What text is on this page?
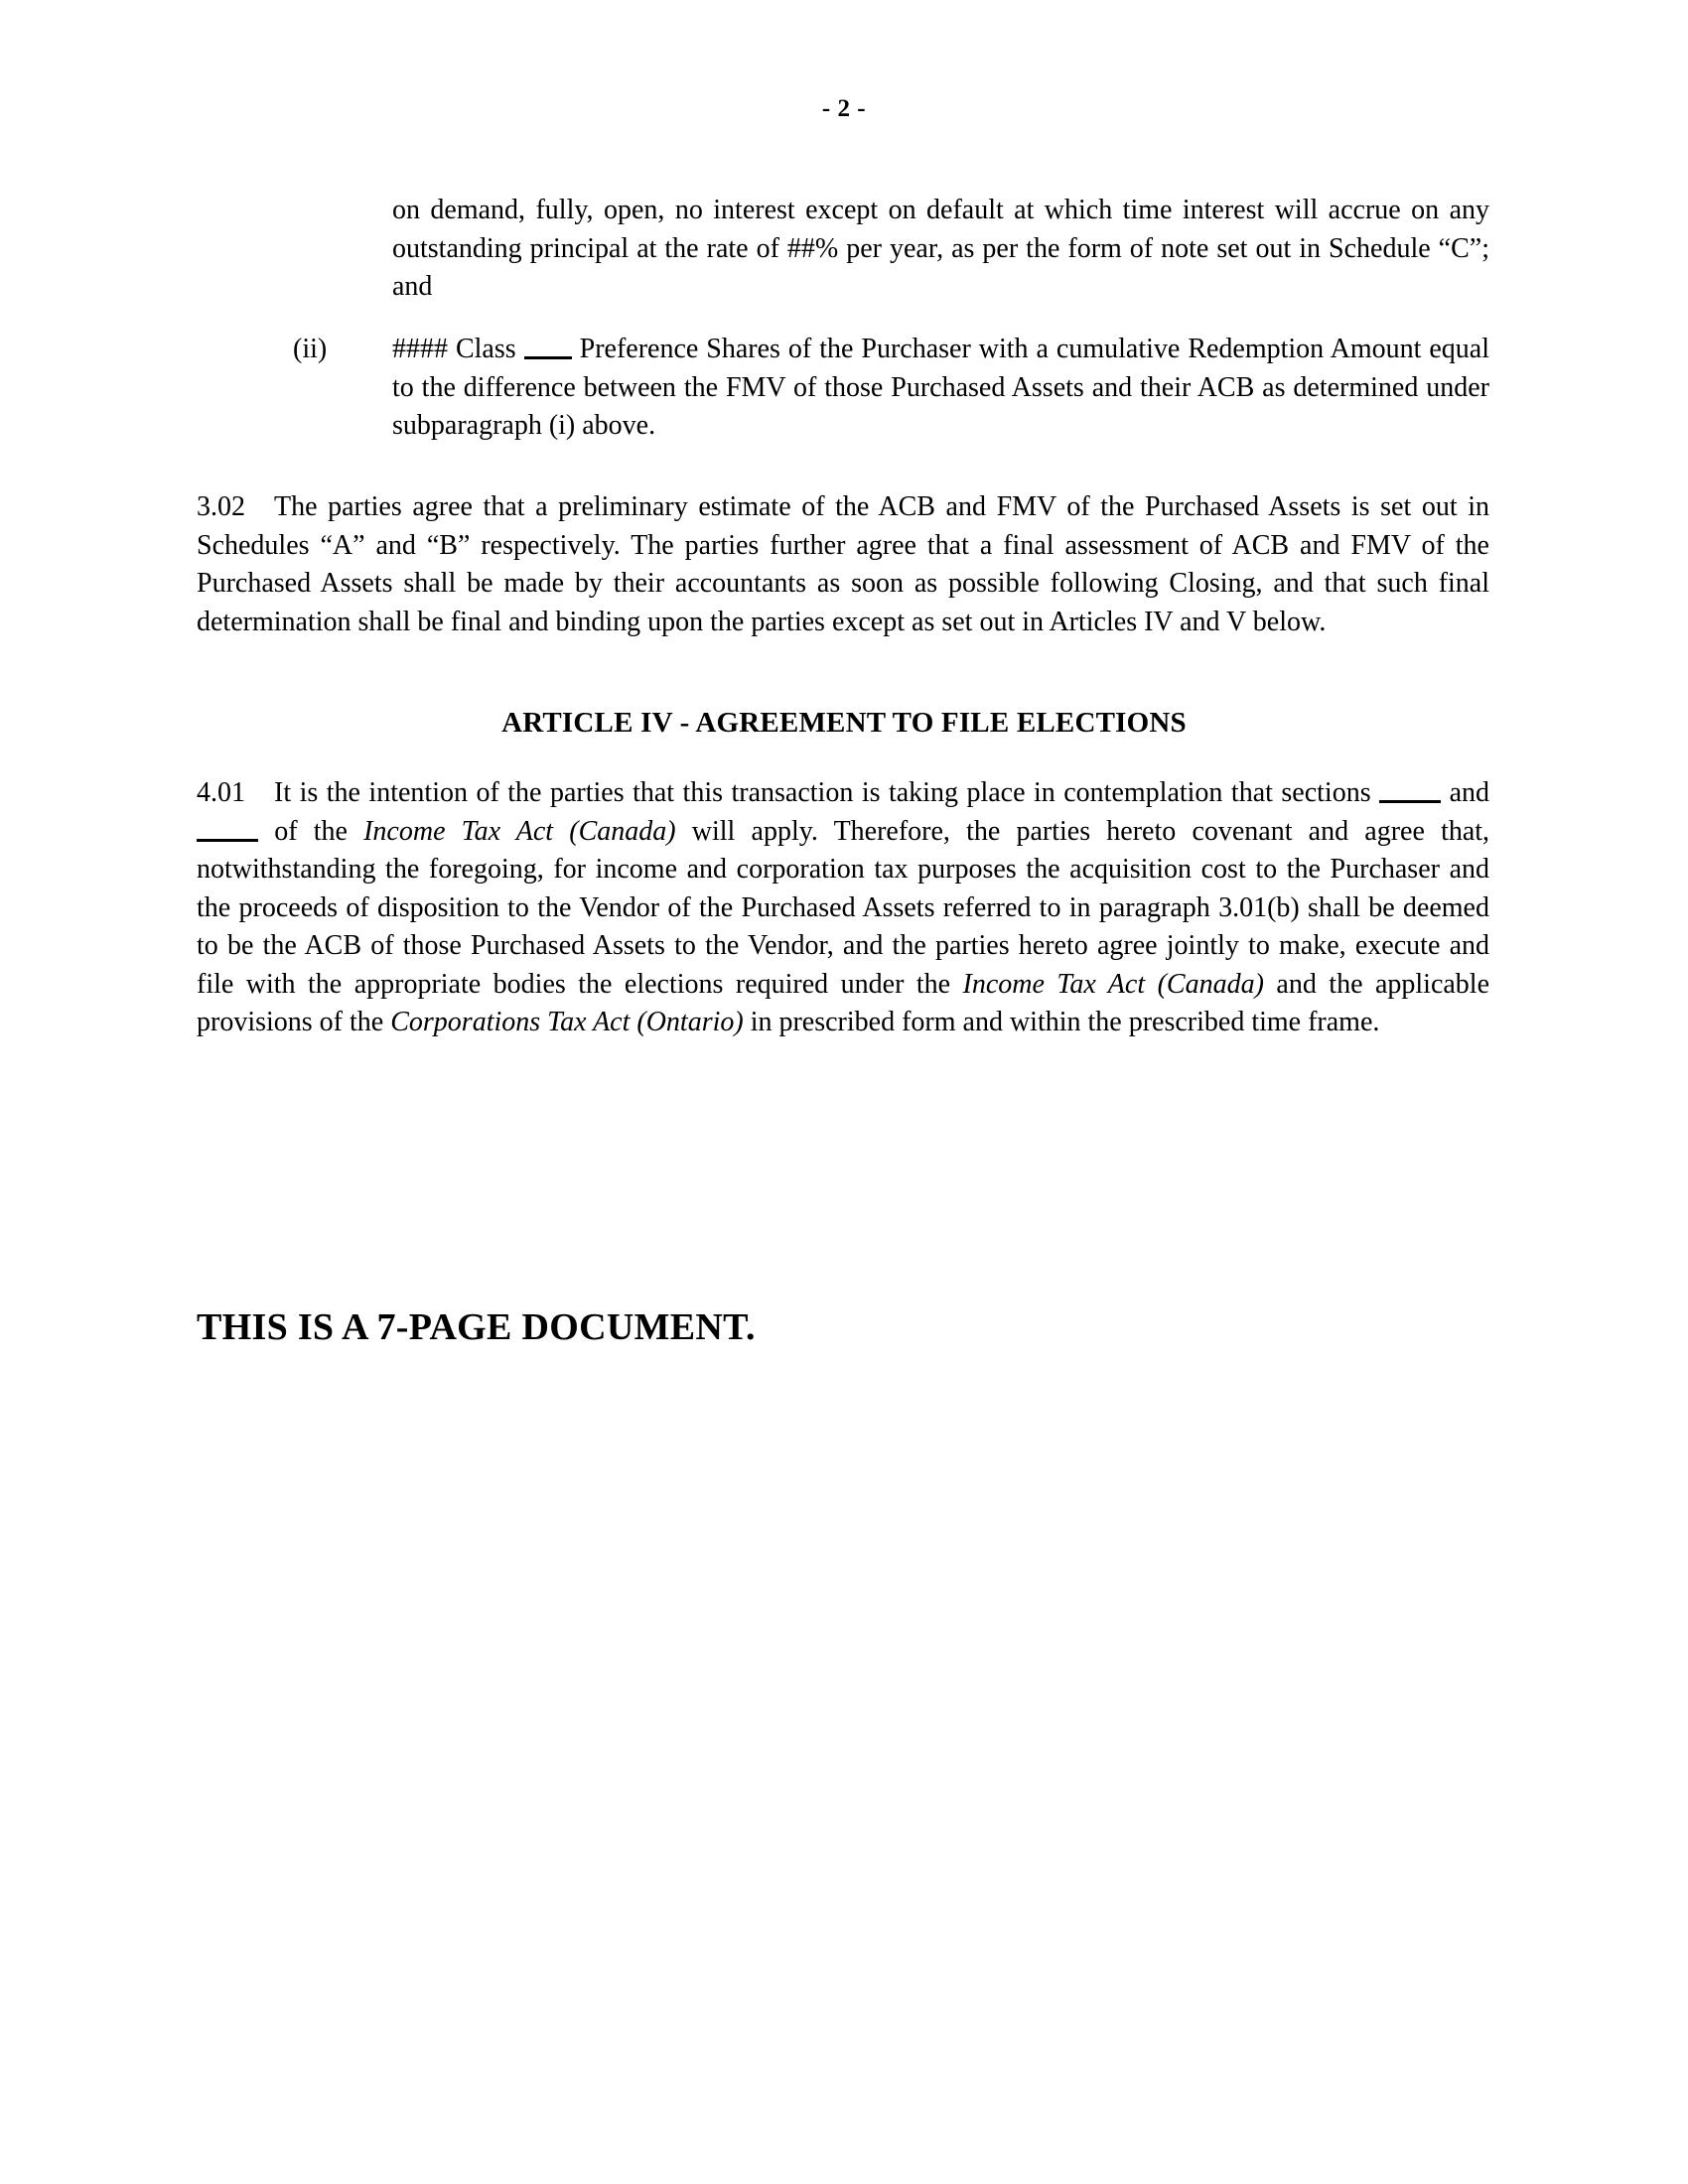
- 2 -

on demand, fully, open, no interest except on default at which time interest will accrue on any outstanding principal at the rate of ##% per year, as per the form of note set out in Schedule “C”; and

(ii)	#### Class Preference Shares of the Purchaser with a cumulative Redemption Amount equal to the difference between the FMV of those Purchased Assets and their ACB as determined under subparagraph (i) above.

3.02 The parties agree that a preliminary estimate of the ACB and FMV of the Purchased Assets is set out in Schedules “A” and “B” respectively. The parties further agree that a final assessment of ACB and FMV of the Purchased Assets shall be made by their accountants as soon as possible following Closing, and that such final determination shall be final and binding upon the parties except as set out in Articles IV and V below.

ARTICLE IV - AGREEMENT TO FILE ELECTIONS

4.01 It is the intention of the parties that this transaction is taking place in contemplation that sections	and  of the Income Tax Act (Canada) will apply. Therefore, the parties hereto covenant and agree that, notwithstanding the foregoing, for income and corporation tax purposes the acquisition cost to the Purchaser and the proceeds of disposition to the Vendor of the Purchased Assets referred to in paragraph 3.01(b) shall be deemed to be the ACB of those Purchased Assets to the Vendor, and the parties hereto agree jointly to make, execute and file with the appropriate bodies the elections required under the Income Tax Act (Canada) and the applicable provisions of the Corporations Tax Act (Ontario) in prescribed form and within the prescribed time frame.

THIS IS A 7-PAGE DOCUMENT.
